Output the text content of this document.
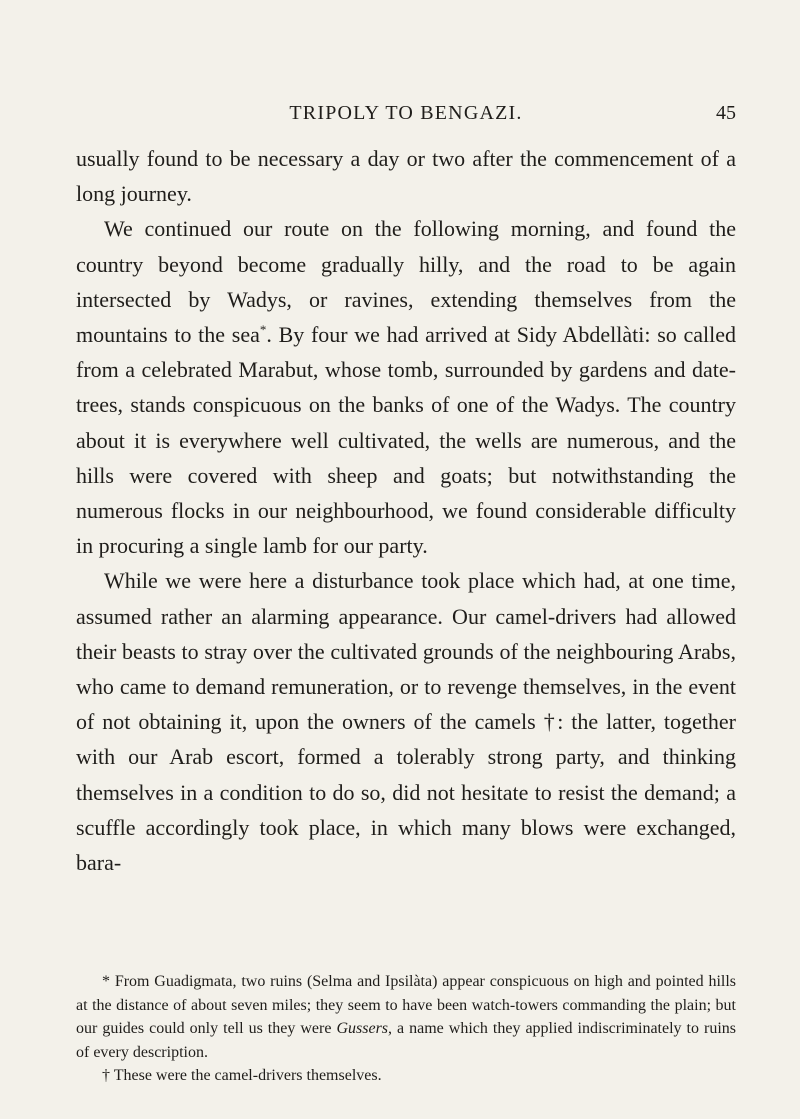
TRIPOLY TO BENGAZI.	45

usually found to be necessary a day or two after the commencement of a long journey.

We continued our route on the following morning, and found the country beyond become gradually hilly, and the road to be again intersected by Wadys, or ravines, extending themselves from the mountains to the sea*. By four we had arrived at Sidy Abdellàti: so called from a celebrated Marabut, whose tomb, surrounded by gardens and date-trees, stands conspicuous on the banks of one of the Wadys. The country about it is everywhere well cultivated, the wells are numerous, and the hills were covered with sheep and goats; but notwithstanding the numerous flocks in our neighbourhood, we found considerable difficulty in procuring a single lamb for our party.

While we were here a disturbance took place which had, at one time, assumed rather an alarming appearance. Our camel-drivers had allowed their beasts to stray over the cultivated grounds of the neighbouring Arabs, who came to demand remuneration, or to revenge themselves, in the event of not obtaining it, upon the owners of the camels †: the latter, together with our Arab escort, formed a tolerably strong party, and thinking themselves in a condition to do so, did not hesitate to resist the demand; a scuffle accordingly took place, in which many blows were exchanged, bara-

* From Guadigmata, two ruins (Selma and Ipsilàta) appear conspicuous on high and pointed hills at the distance of about seven miles; they seem to have been watch-towers commanding the plain; but our guides could only tell us they were Gussers, a name which they applied indiscriminately to ruins of every description.

† These were the camel-drivers themselves.
